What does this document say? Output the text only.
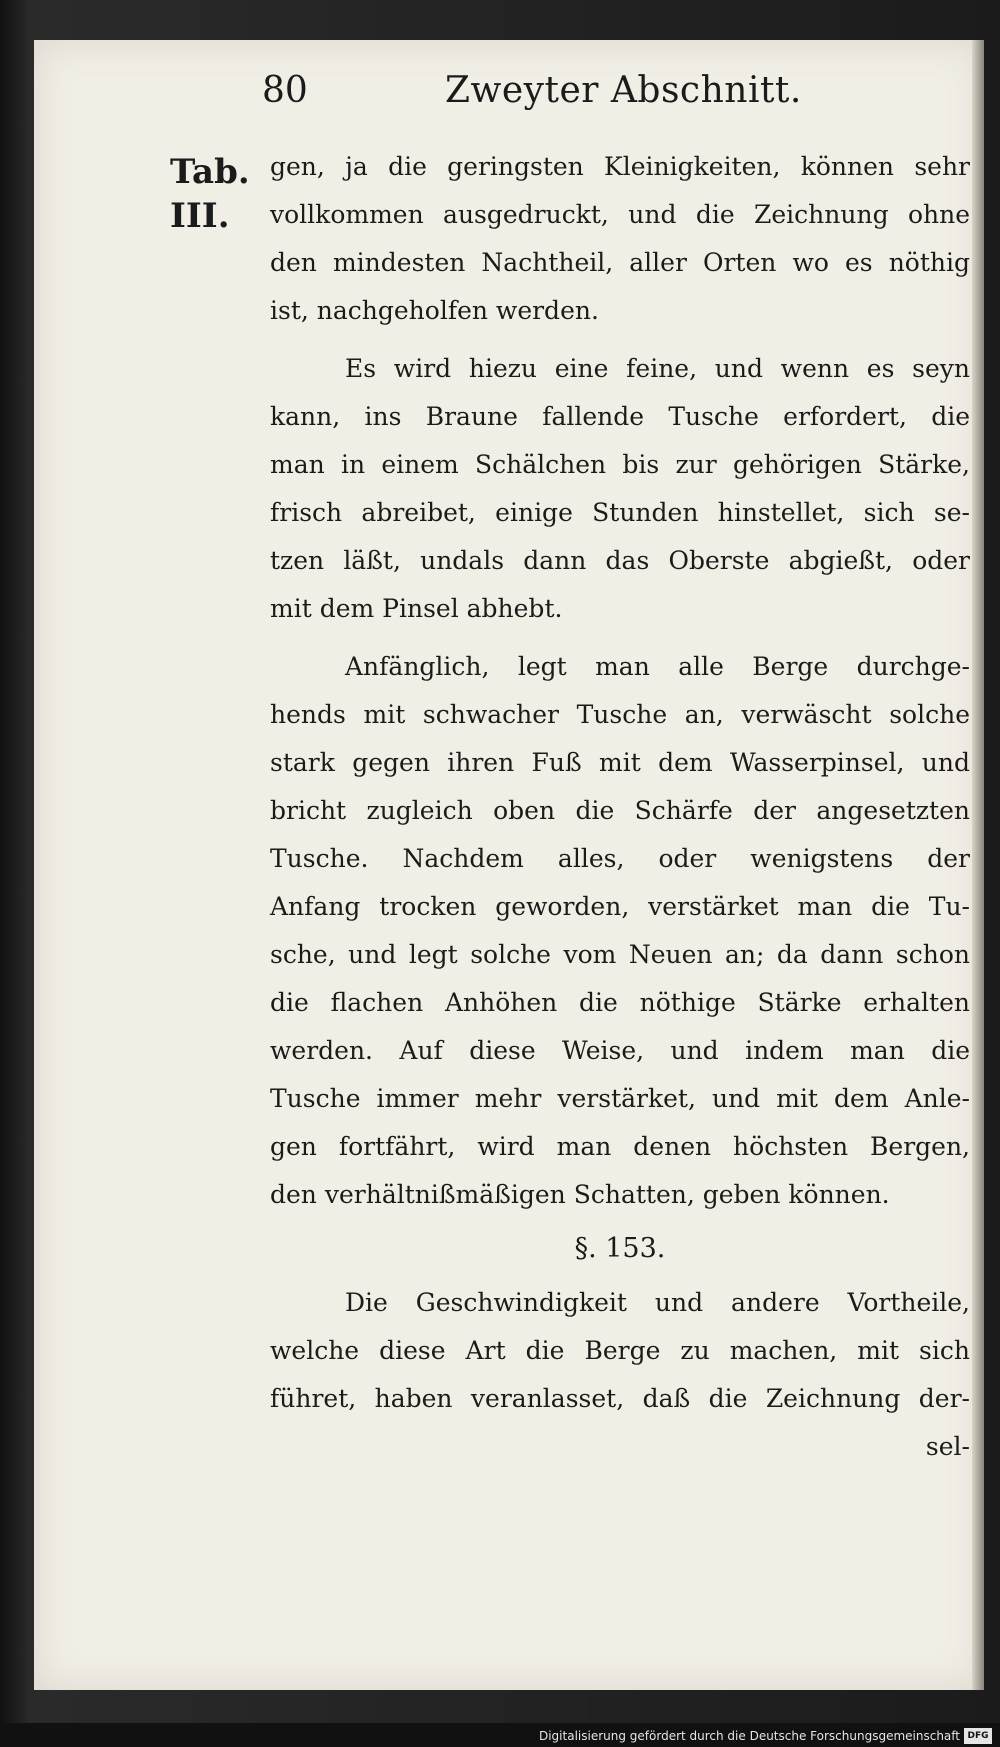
80	Zweyter Abschnitt.
Tab.
III.
gen, ja die geringsten Kleinigkeiten, können sehr
vollkommen ausgedruckt, und die Zeichnung ohne
den mindesten Nachtheil, aller Orten wo es nöthig
ist, nachgeholfen werden.
Es wird hiezu eine feine, und wenn es seyn
kann, ins Braune fallende Tusche erfordert, die
man in einem Schälchen bis zur gehörigen Stärke,
frisch abreibet, einige Stunden hinstellet, sich se-
tzen läßt, undals dann das Oberste abgießt, oder
mit dem Pinsel abhebt.
Anfänglich, legt man alle Berge durchge-
hends mit schwacher Tusche an, verwäscht solche
stark gegen ihren Fuß mit dem Wasserpinsel, und
bricht zugleich oben die Schärfe der angesetzten
Tusche. Nachdem alles, oder wenigstens der
Anfang trocken geworden, verstärket man die Tu-
sche, und legt solche vom Neuen an; da dann schon
die flachen Anhöhen die nöthige Stärke erhalten
werden. Auf diese Weise, und indem man die
Tusche immer mehr verstärket, und mit dem Anle-
gen fortfährt, wird man denen höchsten Bergen,
den verhältnißmäßigen Schatten, geben können.
§. 153.
Die Geschwindigkeit und andere Vortheile,
welche diese Art die Berge zu machen, mit sich
führet, haben veranlasset, daß die Zeichnung der-
sel-
Digitalisierung gefördert durch die Deutsche Forschungsgemeinschaft DFG
